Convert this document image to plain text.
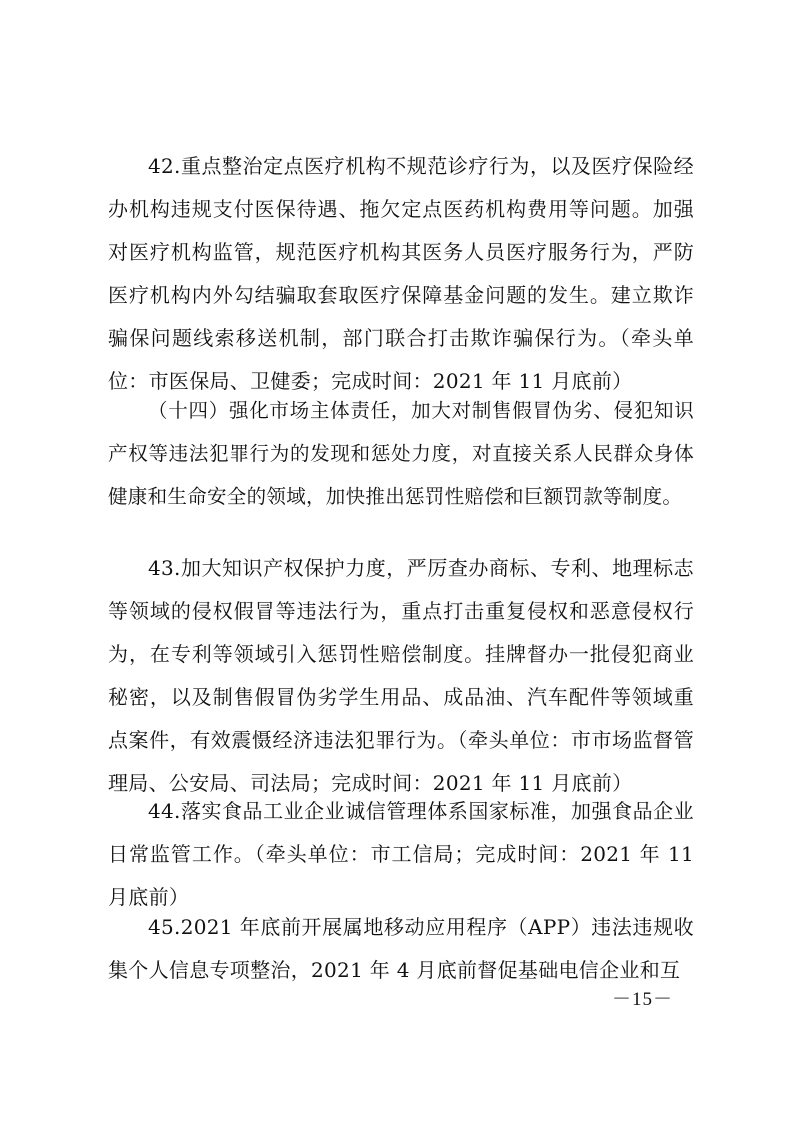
42.重点整治定点医疗机构不规范诊疗行为，以及医疗保险经办机构违规支付医保待遇、拖欠定点医药机构费用等问题。加强对医疗机构监管，规范医疗机构其医务人员医疗服务行为，严防医疗机构内外勾结骗取套取医疗保障基金问题的发生。建立欺诈骗保问题线索移送机制，部门联合打击欺诈骗保行为。（牵头单位：市医保局、卫健委；完成时间：2021 年 11 月底前）

（十四）强化市场主体责任，加大对制售假冒伪劣、侵犯知识产权等违法犯罪行为的发现和惩处力度，对直接关系人民群众身体健康和生命安全的领域，加快推出惩罚性赔偿和巨额罚款等制度。

43.加大知识产权保护力度，严厉查办商标、专利、地理标志等领域的侵权假冒等违法行为，重点打击重复侵权和恶意侵权行为，在专利等领域引入惩罚性赔偿制度。挂牌督办一批侵犯商业秘密，以及制售假冒伪劣学生用品、成品油、汽车配件等领域重点案件，有效震慑经济违法犯罪行为。（牵头单位：市市场监督管理局、公安局、司法局；完成时间：2021 年 11 月底前）

44.落实食品工业企业诚信管理体系国家标准，加强食品企业日常监管工作。（牵头单位：市工信局；完成时间：2021 年 11 月底前）

45.2021 年底前开展属地移动应用程序（APP）违法违规收集个人信息专项整治，2021 年 4 月底前督促基础电信企业和互

－15－
